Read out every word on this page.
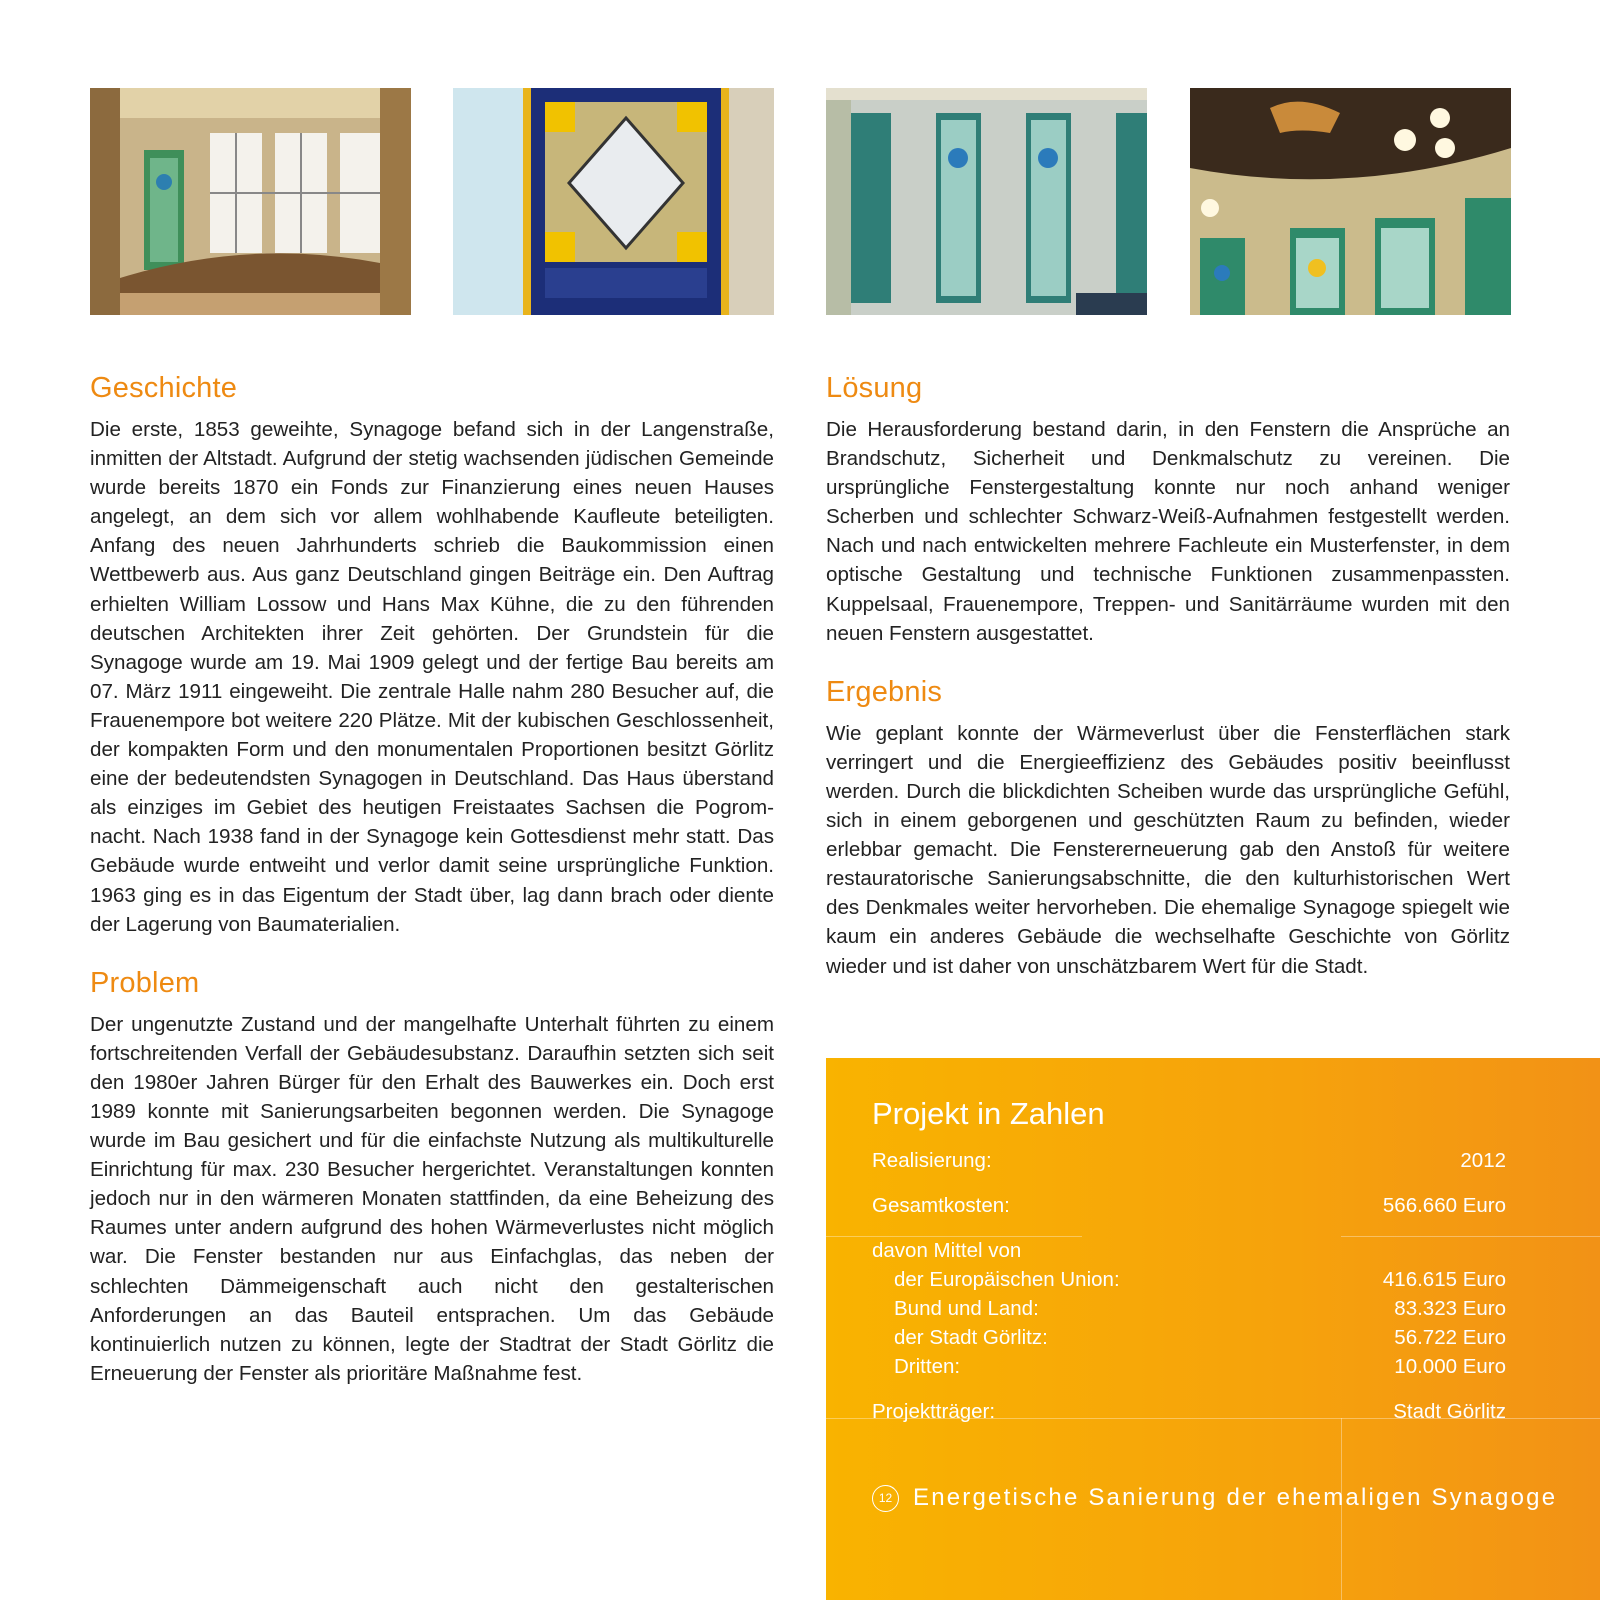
Geschichte

Die erste, 1853 geweihte, Synagoge befand sich in der Langenstraße, inmitten der Altstadt. Aufgrund der stetig wachsenden jüdischen Gemeinde wurde bereits 1870 ein Fonds zur Finanzierung eines neuen Hauses angelegt, an dem sich vor allem wohlhabende Kaufleute beteiligten. Anfang des neuen Jahrhunderts schrieb die Baukommission einen Wettbewerb aus. Aus ganz Deutschland gingen Beiträge ein. Den Auftrag erhielten William Lossow und Hans Max Kühne, die zu den führenden deutschen Architekten ihrer Zeit gehörten. Der Grundstein für die Synagoge wurde am 19. Mai 1909 gelegt und der fertige Bau bereits am 07. März 1911 eingeweiht. Die zentrale Halle nahm 280 Besucher auf, die Frauenempore bot weitere 220 Plätze. Mit der kubischen Geschlossenheit, der kompakten Form und den monumentalen Proportionen besitzt Görlitz eine der bedeutendsten Synagogen in Deutschland. Das Haus überstand als einziges im Gebiet des heutigen Freistaates Sachsen die Pogromnacht. Nach 1938 fand in der Synagoge kein Gottesdienst mehr statt. Das Gebäude wurde entweiht und verlor damit seine ursprüngliche Funktion. 1963 ging es in das Eigentum der Stadt über, lag dann brach oder diente der Lagerung von Baumaterialien.

Problem

Der ungenutzte Zustand und der mangelhafte Unterhalt führten zu einem fortschreitenden Verfall der Gebäudesubstanz. Daraufhin setzten sich seit den 1980er Jahren Bürger für den Erhalt des Bauwerkes ein. Doch erst 1989 konnte mit Sanierungsarbeiten begonnen werden. Die Synagoge wurde im Bau gesichert und für die einfachste Nutzung als multikulturelle Einrichtung für max. 230 Besucher hergerichtet. Veranstaltungen konnten jedoch nur in den wärmeren Monaten stattfinden, da eine Beheizung des Raumes unter andern aufgrund des hohen Wärmeverlustes nicht möglich war. Die Fenster bestanden nur aus Einfachglas, das neben der schlechten Dämmeigenschaft auch nicht den gestalterischen Anforderungen an das Bauteil entsprachen. Um das Gebäude kontinuierlich nutzen zu können, legte der Stadtrat der Stadt Görlitz die Erneuerung der Fenster als prioritäre Maßnahme fest.

Lösung

Die Herausforderung bestand darin, in den Fenstern die Ansprüche an Brandschutz, Sicherheit und Denkmalschutz zu vereinen. Die ursprüngliche Fenstergestaltung konnte nur noch anhand weniger Scherben und schlechter Schwarz-Weiß-Aufnahmen festgestellt werden. Nach und nach entwickelten mehrere Fachleute ein Musterfenster, in dem optische Gestaltung und technische Funktionen zusammenpassten. Kuppelsaal, Frauenempore, Treppen- und Sanitärräume wurden mit den neuen Fenstern ausgestattet.

Ergebnis

Wie geplant konnte der Wärmeverlust über die Fensterflächen stark verringert und die Energieeffizienz des Gebäudes positiv beeinflusst werden. Durch die blickdichten Scheiben wurde das ursprüngliche Gefühl, sich in einem geborgenen und geschützten Raum zu befinden, wieder erlebbar gemacht. Die Fenstererneuerung gab den Anstoß für weitere restauratorische Sanierungsabschnitte, die den kulturhistorischen Wert des Denkmales weiter hervorheben. Die ehemalige Synagoge spiegelt wie kaum ein anderes Gebäude die wechselhafte Geschichte von Görlitz wieder und ist daher von unschätzbarem Wert für die Stadt.

Projekt in Zahlen
Realisierung:	2012
Gesamtkosten:	566.660 Euro
davon Mittel von
der Europäischen Union:	416.615 Euro
Bund und Land:	83.323 Euro
der Stadt Görlitz:	56.722 Euro
Dritten:	10.000 Euro
Projektträger:	Stadt Görlitz
12 Energetische Sanierung der ehemaligen Synagoge
